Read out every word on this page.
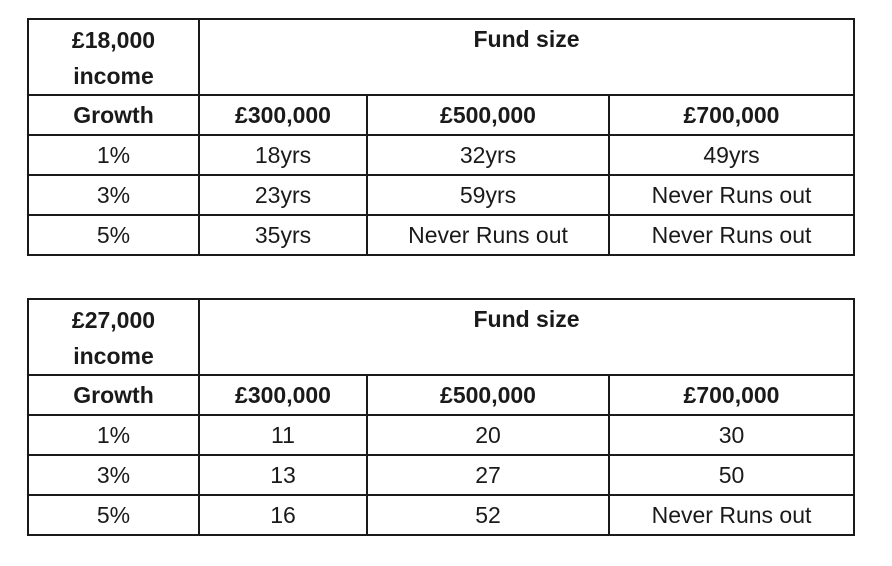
£18,000
income	Fund size		
Growth	£300,000	£500,000	£700,000
1%	18yrs	32yrs	49yrs
3%	23yrs	59yrs	Never Runs out
5%	35yrs	Never Runs out	Never Runs out
£27,000
income	Fund size		
Growth	£300,000	£500,000	£700,000
1%	11	20	30
3%	13	27	50
5%	16	52	Never Runs out
